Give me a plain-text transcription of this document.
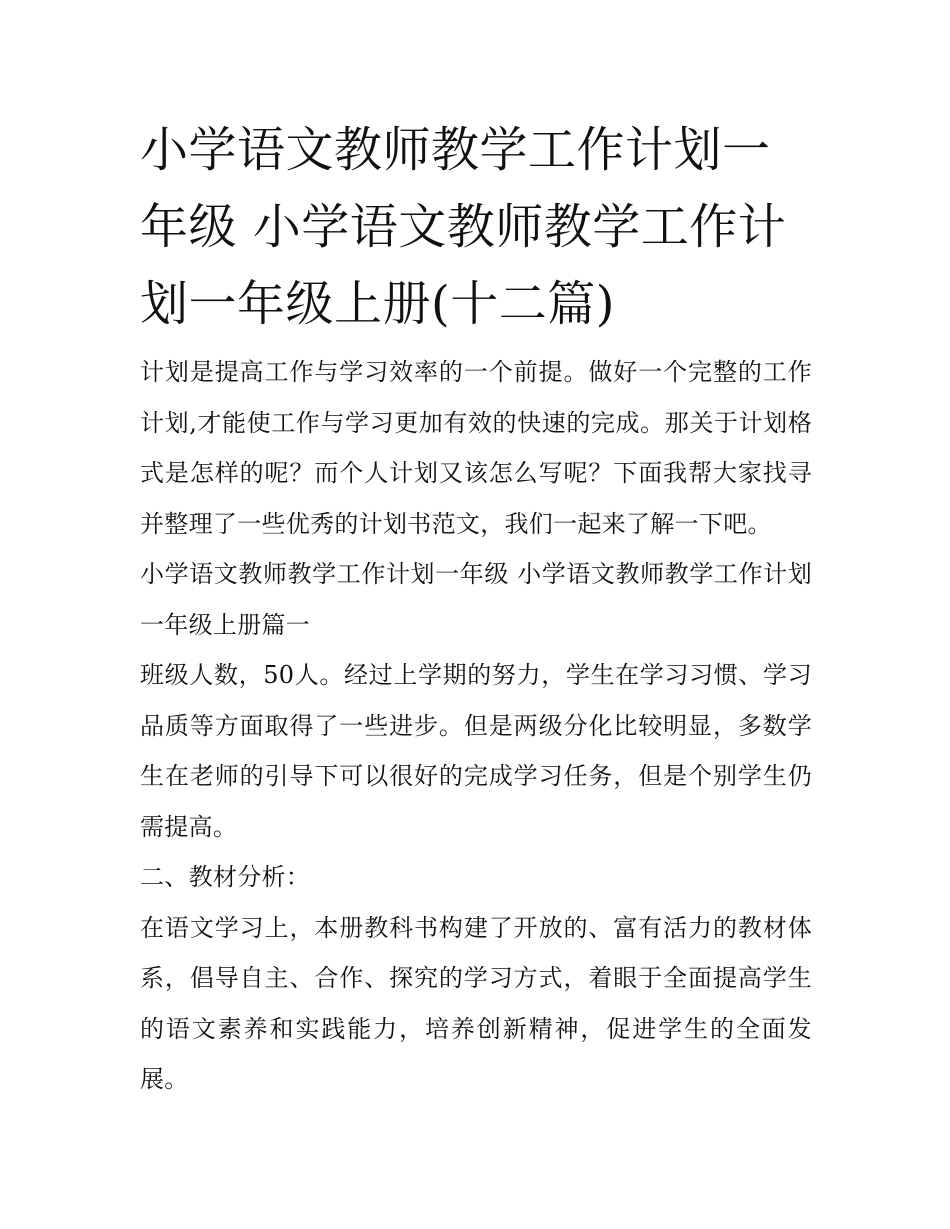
小学语文教师教学工作计划一年级 小学语文教师教学工作计划一年级上册(十二篇)

计划是提高工作与学习效率的一个前提。做好一个完整的工作计划,才能使工作与学习更加有效的快速的完成。那关于计划格式是怎样的呢？而个人计划又该怎么写呢？下面我帮大家找寻并整理了一些优秀的计划书范文，我们一起来了解一下吧。

小学语文教师教学工作计划一年级 小学语文教师教学工作计划一年级上册篇一

班级人数，50人。经过上学期的努力，学生在学习习惯、学习品质等方面取得了一些进步。但是两级分化比较明显，多数学生在老师的引导下可以很好的完成学习任务，但是个别学生仍需提高。

二、教材分析：

在语文学习上，本册教科书构建了开放的、富有活力的教材体系，倡导自主、合作、探究的学习方式，着眼于全面提高学生的语文素养和实践能力，培养创新精神，促进学生的全面发展。
